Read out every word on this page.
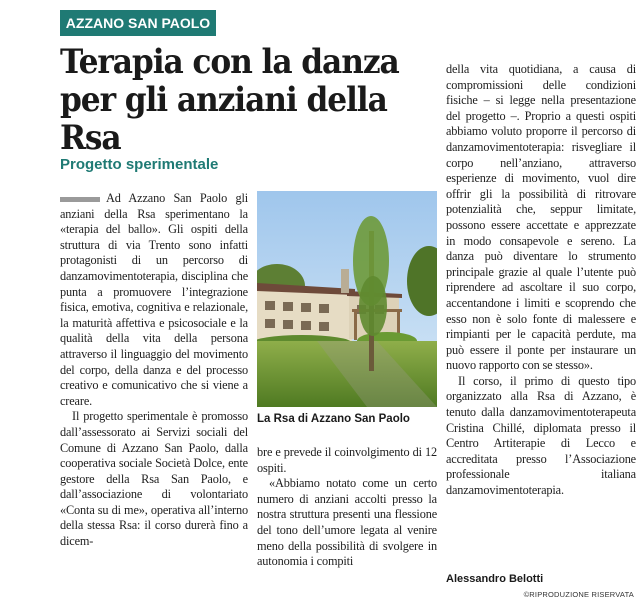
AZZANO SAN PAOLO
Terapia con la danza per gli anziani della Rsa
Progetto sperimentale

Ad Azzano San Paolo gli anziani della Rsa sperimentano la «terapia del ballo». Gli ospiti della struttura di via Trento sono infatti protagonisti di un percorso di danzamovimentoterapia, disciplina che punta a promuovere l’integrazione fisica, emotiva, cognitiva e relazionale, la maturità affettiva e psicosociale e la qualità della vita della persona attraverso il linguaggio del movimento del corpo, della danza e del processo creativo e comunicativo che si viene a creare.

Il progetto sperimentale è promosso dall’assessorato ai Servizi sociali del Comune di Azzano San Paolo, dalla cooperativa sociale Società Dolce, ente gestore della Rsa San Paolo, e dall’associazione di volontariato «Conta su di me», operativa all’interno della stessa Rsa: il corso durerà fino a dicem-

La Rsa di Azzano San Paolo

bre e prevede il coinvolgimento di 12 ospiti.

«Abbiamo notato come un certo numero di anziani accolti presso la nostra struttura presenti una flessione del tono dell’umore legata al venire meno della possibilità di svolgere in autonomia i compiti

della vita quotidiana, a causa di compromissioni delle condizioni fisiche – si legge nella presentazione del progetto –. Proprio a questi ospiti abbiamo voluto proporre il percorso di danzamovimentoterapia: risvegliare il corpo nell’anziano, attraverso esperienze di movimento, vuol dire offrir gli la possibilità di ritrovare potenzialità che, seppur limitate, possono essere accettate e apprezzate in modo consapevole e sereno. La danza può diventare lo strumento principale grazie al quale l’utente può riprendere ad ascoltare il suo corpo, accentandone i limiti e scoprendo che esso non è solo fonte di malessere e rimpianti per le capacità perdute, ma può essere il ponte per instaurare un nuovo rapporto con se stesso».

Il corso, il primo di questo tipo organizzato alla Rsa di Azzano, è tenuto dalla danzamovimentoterapeuta Cristina Chillé, diplomata presso il Centro Artiterapie di Lecco e accreditata presso l’Associazione professionale italiana danzamovimentoterapia.

Alessandro Belotti
©RIPRODUZIONE RISERVATA
